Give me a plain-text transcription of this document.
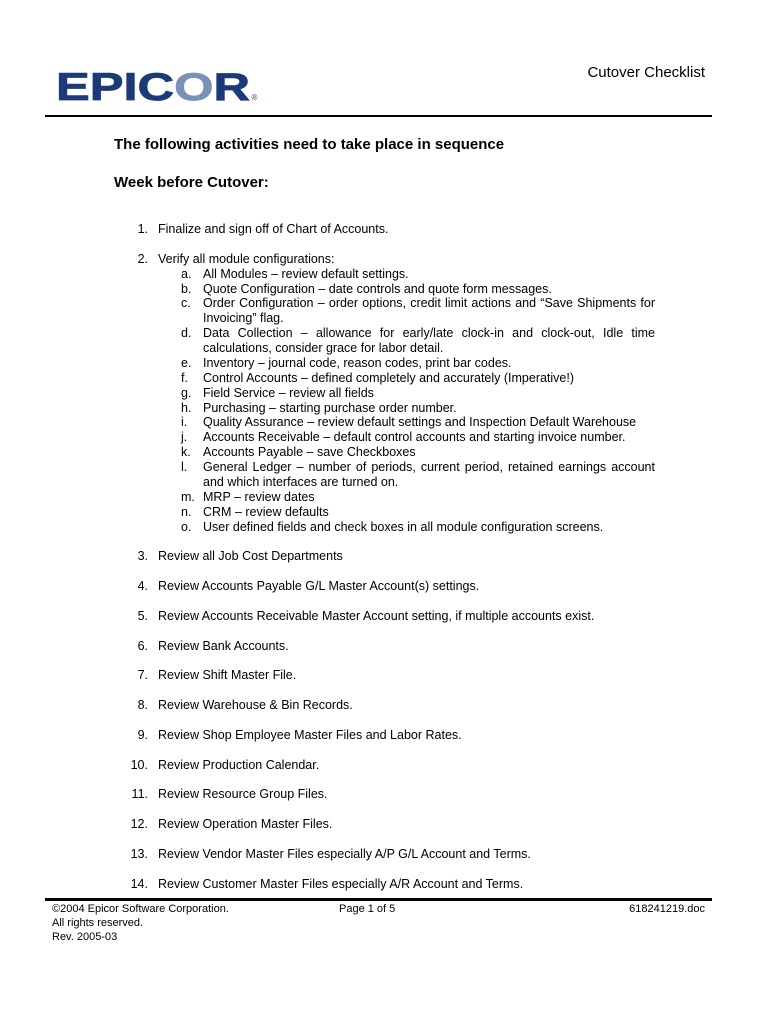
EPIC O R	®
Cutover Checklist
The following activities need to take place in sequence
Week before Cutover:
1. Finalize and sign off of Chart of Accounts.
2. Verify all module configurations:
a. All Modules – review default settings.
b. Quote Configuration – date controls and quote form messages.
c. Order Configuration – order options, credit limit actions and “Save Shipments for Invoicing” flag.
d. Data Collection – allowance for early/late clock-in and clock-out, Idle time calculations, consider grace for labor detail.
e. Inventory – journal code, reason codes, print bar codes.
f. Control Accounts – defined completely and accurately (Imperative!)
g. Field Service – review all fields
h. Purchasing – starting purchase order number.
i. Quality Assurance – review default settings and Inspection Default Warehouse
j. Accounts Receivable – default control accounts and starting invoice number.
k. Accounts Payable – save Checkboxes
l. General Ledger – number of periods, current period, retained earnings account and which interfaces are turned on.
m. MRP – review dates
n. CRM – review defaults
o. User defined fields and check boxes in all module configuration screens.
3. Review all Job Cost Departments
4. Review Accounts Payable G/L Master Account(s) settings.
5. Review Accounts Receivable Master Account setting, if multiple accounts exist.
6. Review Bank Accounts.
7. Review Shift Master File.
8. Review Warehouse & Bin Records.
9. Review Shop Employee Master Files and Labor Rates.
10. Review Production Calendar.
11. Review Resource Group Files.
12. Review Operation Master Files.
13. Review Vendor Master Files especially A/P G/L Account and Terms.
14. Review Customer Master Files especially A/R Account and Terms.
©2004 Epicor Software Corporation.
All rights reserved.
Rev. 2005-03
Page 1 of 5	618241219.doc
